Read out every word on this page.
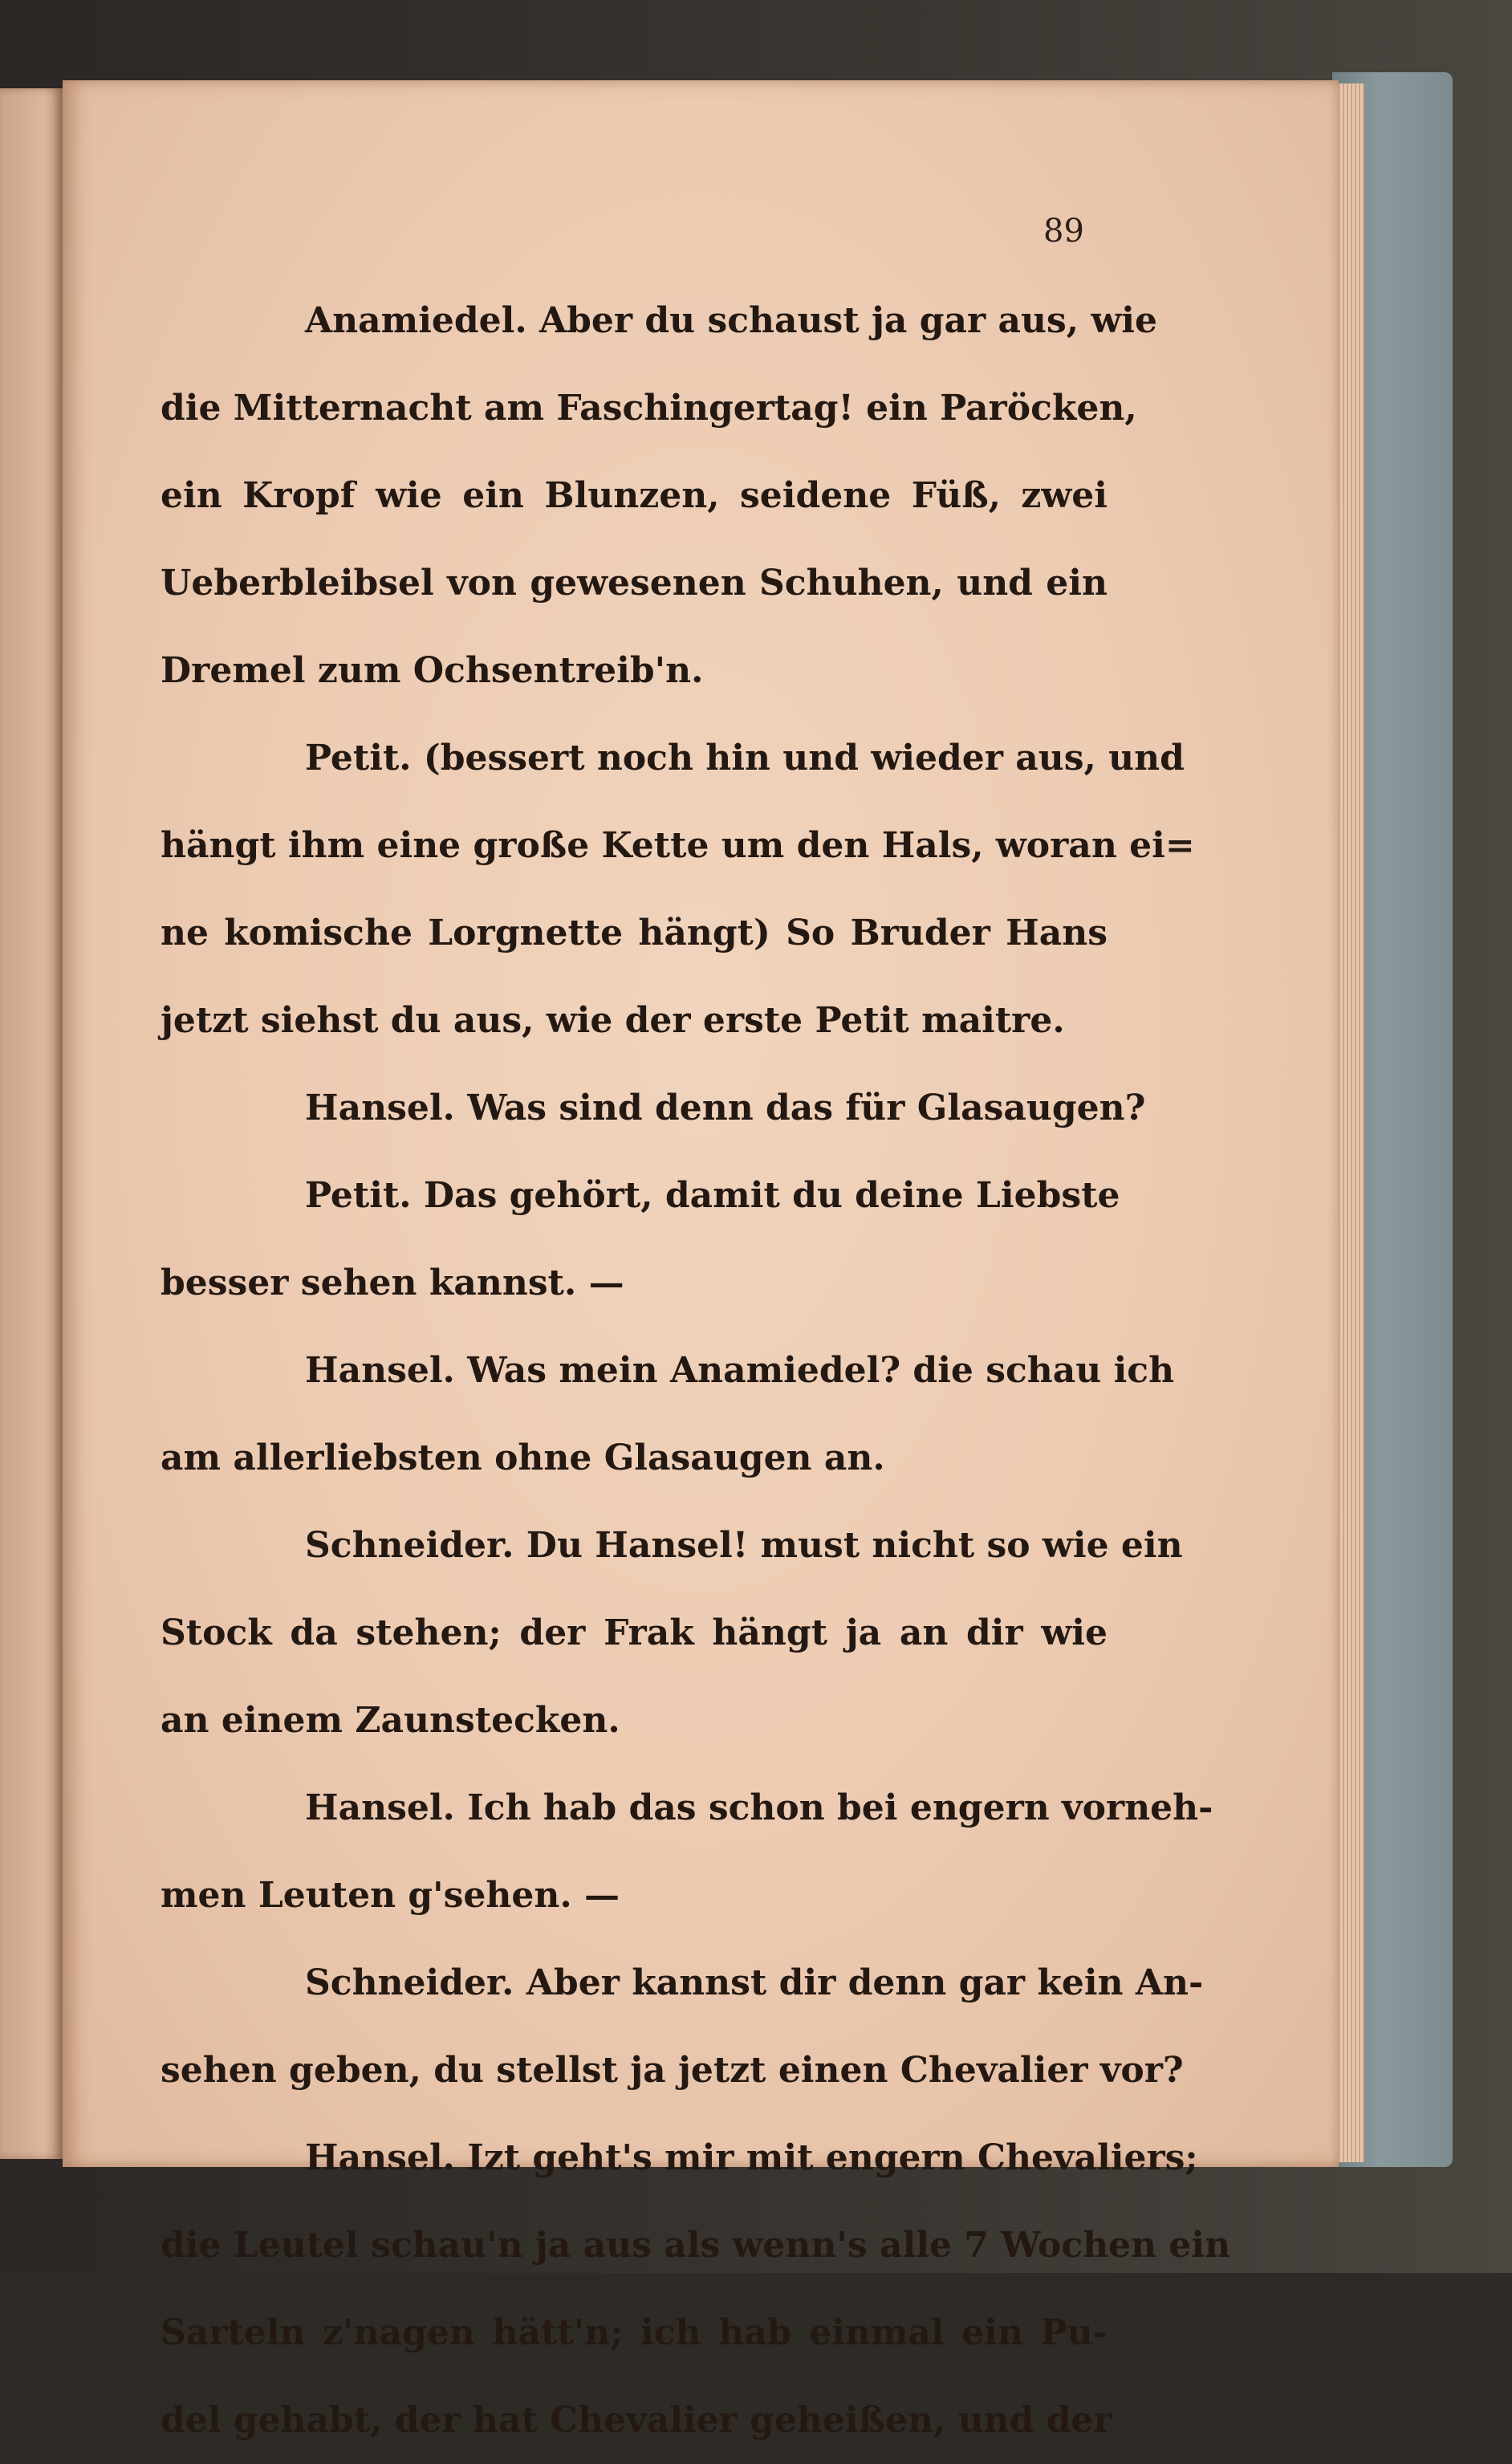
89
Anamiedel. Aber du schaust ja gar aus, wie
die Mitternacht am Faschingertag! ein Paröcken,
ein Kropf wie ein Blunzen, seidene Füß, zwei
Ueberbleibsel von gewesenen Schuhen, und ein
Dremel zum Ochsentreib'n.
Petit. (bessert noch hin und wieder aus, und
hängt ihm eine große Kette um den Hals, woran ei=
ne komische Lorgnette hängt) So Bruder Hans
jetzt siehst du aus, wie der erste Petit maitre.
Hansel. Was sind denn das für Glasaugen?
Petit. Das gehört, damit du deine Liebste
besser sehen kannst. —
Hansel. Was mein Anamiedel? die schau ich
am allerliebsten ohne Glasaugen an.
Schneider. Du Hansel! must nicht so wie ein
Stock da stehen; der Frak hängt ja an dir wie
an einem Zaunstecken.
Hansel. Ich hab das schon bei engern vorneh-
men Leuten g'sehen. —
Schneider. Aber kannst dir denn gar kein An-
sehen geben, du stellst ja jetzt einen Chevalier vor?
Hansel. Izt geht's mir mit engern Chevaliers;
die Leutel schau'n ja aus als wenn's alle 7 Wochen ein
Sarteln z'nagen hätt'n; ich hab einmal ein Pu-
del gehabt, der hat Chevalier geheißen, und der
